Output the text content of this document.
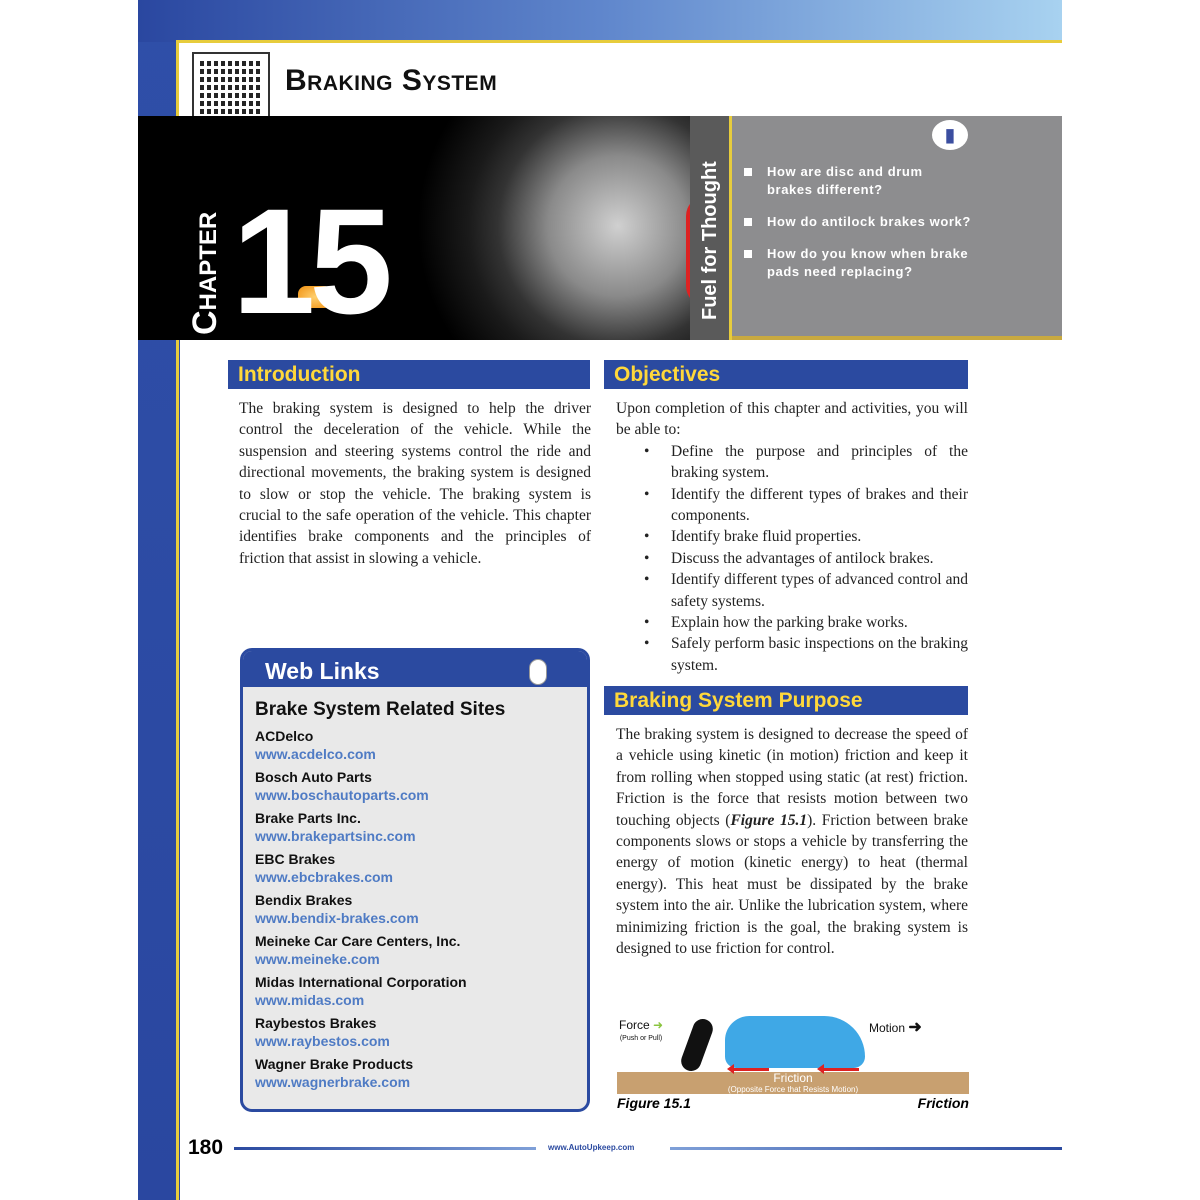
Braking System
Chapter 15	Fuel for Thought
▮
How are disc and drum brakes different?
How do antilock brakes work?
How do you know when brake pads need replacing?
Introduction

The braking system is designed to help the driver control the deceleration of the vehicle. While the suspension and steering systems control the ride and directional movements, the braking system is designed to slow or stop the vehicle. The braking system is crucial to the safe operation of the vehicle. This chapter identifies brake components and the principles of friction that assist in slowing a vehicle.

Objectives

Upon completion of this chapter and activities, you will be able to:

• Define the purpose and principles of the braking system.
• Identify the different types of brakes and their components.
• Identify brake fluid properties.
• Discuss the advantages of antilock brakes.
• Identify different types of advanced control and safety systems.
• Explain how the parking brake works.
• Safely perform basic inspections on the braking system.
Braking System Purpose

The braking system is designed to decrease the speed of a vehicle using kinetic (in motion) friction and keep it from rolling when stopped using static (at rest) friction. Friction is the force that resists motion between two touching objects (Figure 15.1). Friction between brake components slows or stops a vehicle by transferring the energy of motion (kinetic energy) to heat (thermal energy). This heat must be dissipated by the brake system into the air. Unlike the lubrication system, where minimizing friction is the goal, the braking system is designed to use friction for control.

Web Links
Brake System Related Sites
ACDelco
www.acdelco.com
Bosch Auto Parts
www.boschautoparts.com
Brake Parts Inc.
www.brakepartsinc.com
EBC Brakes
www.ebcbrakes.com
Bendix Brakes
www.bendix-brakes.com
Meineke Car Care Centers, Inc.
www.meineke.com
Midas International Corporation
www.midas.com
Raybestos Brakes
www.raybestos.com
Wagner Brake Products
www.wagnerbrake.com
Force ➜
(Push or Pull)
Motion ➜
Friction
(Opposite Force that Resists Motion)
Figure 15.1	Friction
180	www.AutoUpkeep.com
